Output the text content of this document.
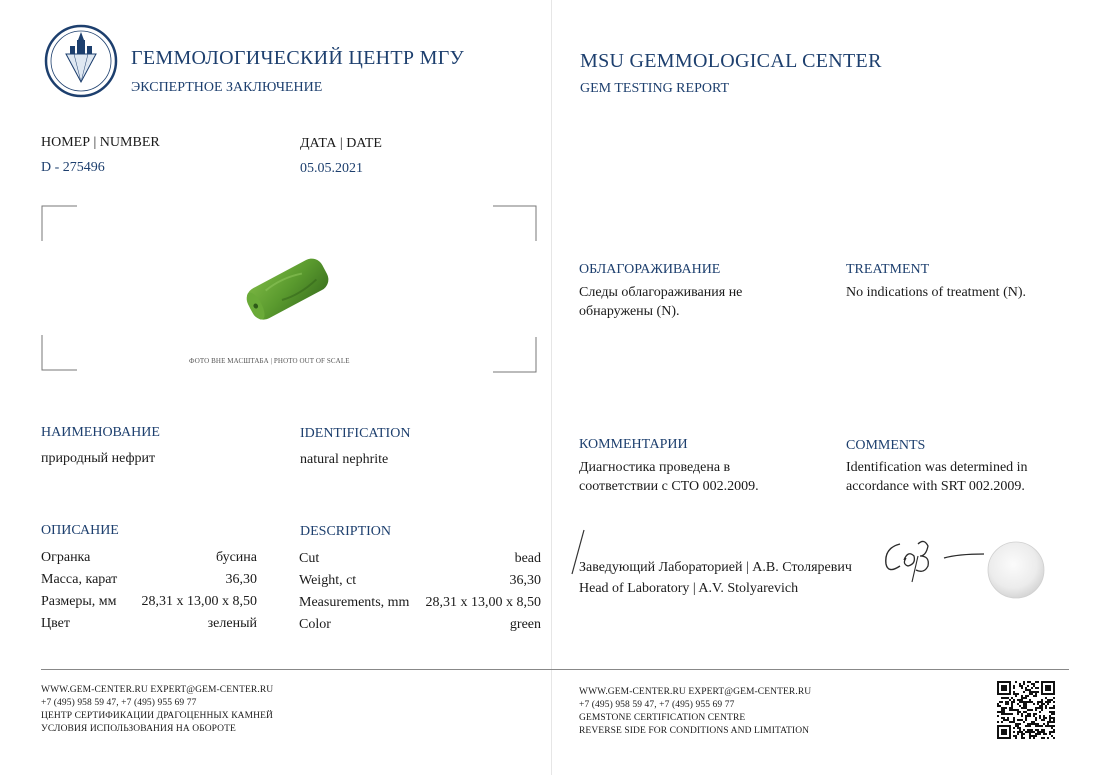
ГЕММОЛОГИЧЕСКИЙ ЦЕНТР МГУ
ЭКСПЕРТНОЕ ЗАКЛЮЧЕНИЕ
MSU GEMMOLOGICAL CENTER
GEM TESTING REPORT
НОМЕР | NUMBER
D - 275496
ДАТА | DATE
05.05.2021
ФОТО ВНЕ МАСШТАБА | PHOTO OUT OF SCALE
НАИМЕНОВАНИЕ
природный нефрит
IDENTIFICATION
natural nephrite
ОПИСАНИЕ	DESCRIPTION
Огранка	бусина
Масса, карат	36,30
Размеры, мм 28,31 x 13,00 x 8,50
Цвет	зеленый
Cut	bead
Weight, ct	36,30
Measurements, mm 28,31 x 13,00 x 8,50
Color	green
ОБЛАГОРАЖИВАНИЕ
Следы облагораживания не
обнаружены (N).
TREATMENT
No indications of treatment (N).
КОММЕНТАРИИ
Диагностика проведена в
соответствии с СТО 002.2009.
COMMENTS
Identification was determined in
accordance with SRT 002.2009.
Заведующий Лабораторией | А.В. Столяревич
Head of Laboratory | A.V. Stolyarevich
WWW.GEM-CENTER.RU EXPERT@GEM-CENTER.RU
+7 (495) 958 59 47, +7 (495) 955 69 77
ЦЕНТР СЕРТИФИКАЦИИ ДРАГОЦЕННЫХ КАМНЕЙ
УСЛОВИЯ ИСПОЛЬЗОВАНИЯ НА ОБОРОТЕ
WWW.GEM-CENTER.RU EXPERT@GEM-CENTER.RU
+7 (495) 958 59 47, +7 (495) 955 69 77
GEMSTONE CERTIFICATION CENTRE
REVERSE SIDE FOR CONDITIONS AND LIMITATION
